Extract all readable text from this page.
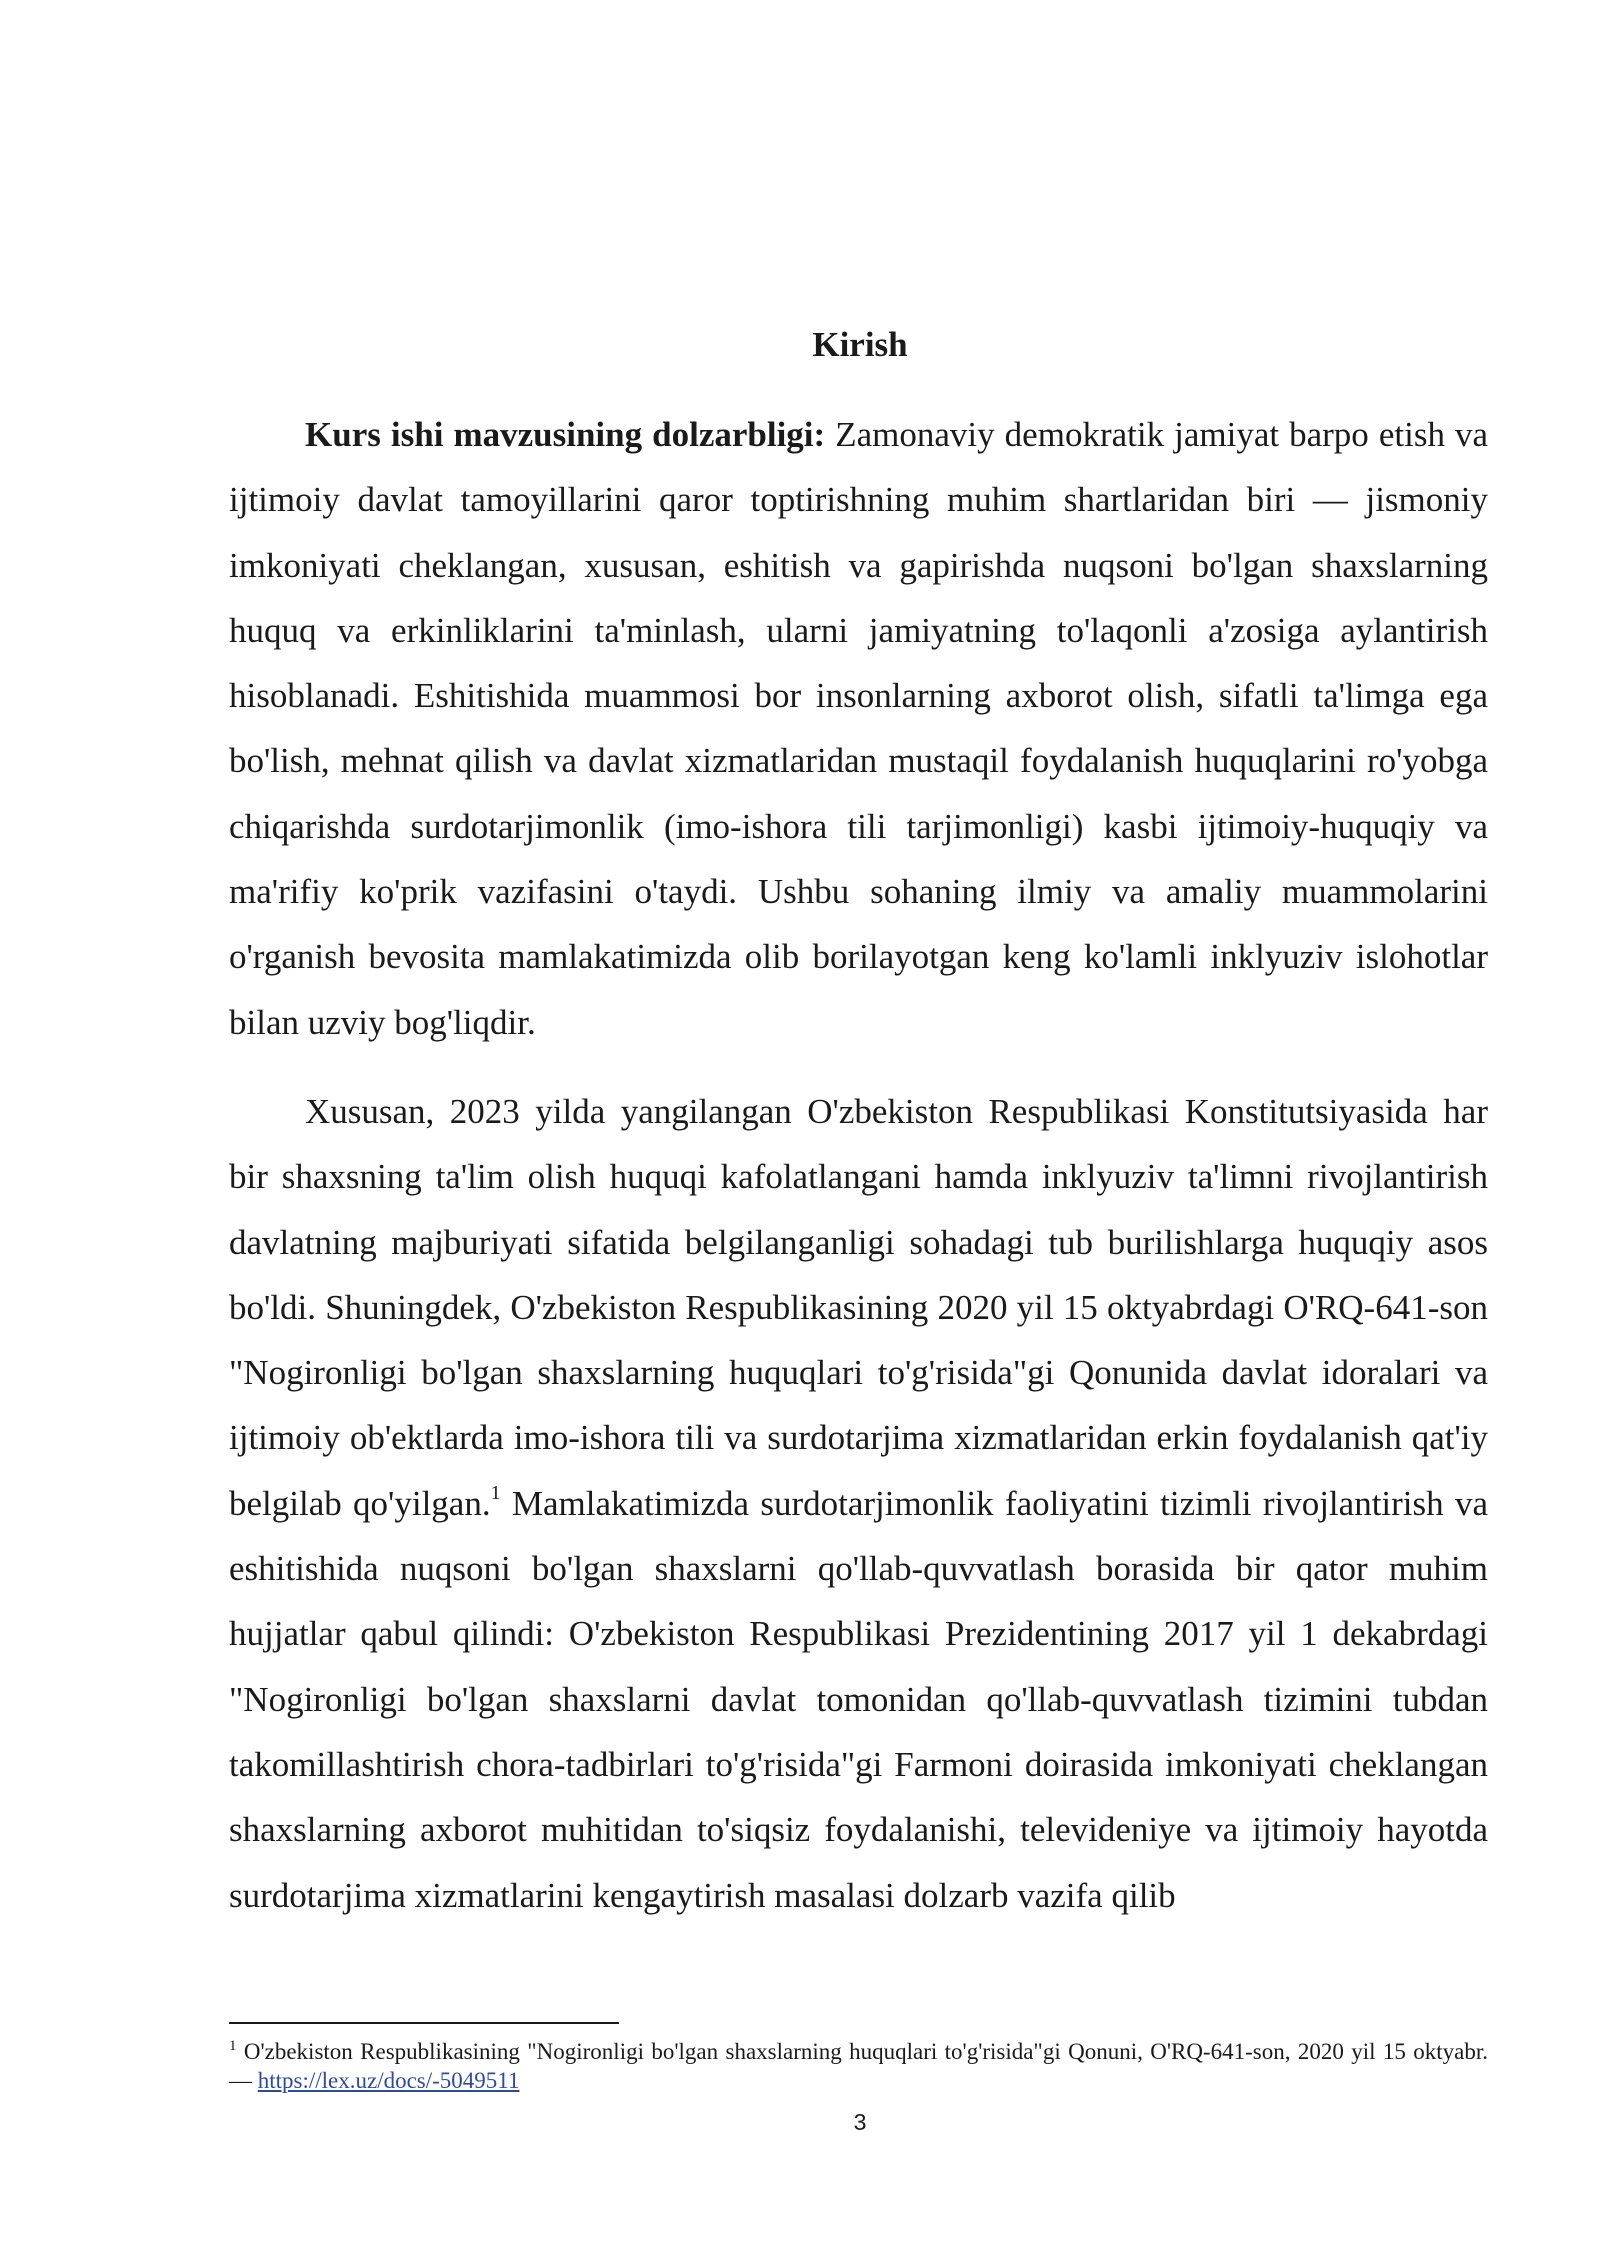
Kirish

Kurs ishi mavzusining dolzarbligi: Zamonaviy demokratik jamiyat barpo etish va ijtimoiy davlat tamoyillarini qaror toptirishning muhim shartlaridan biri — jismoniy imkoniyati cheklangan, xususan, eshitish va gapirishda nuqsoni bo'lgan shaxslarning huquq va erkinliklarini ta'minlash, ularni jamiyatning to'laqonli a'zosiga aylantirish hisoblanadi. Eshitishida muammosi bor insonlarning axborot olish, sifatli ta'limga ega bo'lish, mehnat qilish va davlat xizmatlaridan mustaqil foydalanish huquqlarini ro'yobga chiqarishda surdotarjimonlik (imo-ishora tili tarjimonligi) kasbi ijtimoiy-huquqiy va ma'rifiy ko'prik vazifasini o'taydi. Ushbu sohaning ilmiy va amaliy muammolarini o'rganish bevosita mamlakatimizda olib borilayotgan keng ko'lamli inklyuziv islohotlar bilan uzviy bog'liqdir.

Xususan, 2023 yilda yangilangan O'zbekiston Respublikasi Konstitutsiyasida har bir shaxsning ta'lim olish huquqi kafolatlangani hamda inklyuziv ta'limni rivojlantirish davlatning majburiyati sifatida belgilanganligi sohadagi tub burilishlarga huquqiy asos bo'ldi. Shuningdek, O'zbekiston Respublikasining 2020 yil 15 oktyabrdagi O'RQ-641-son "Nogironligi bo'lgan shaxslarning huquqlari to'g'risida"gi Qonunida davlat idoralari va ijtimoiy ob'ektlarda imo-ishora tili va surdotarjima xizmatlaridan erkin foydalanish qat'iy belgilab qo'yilgan.$^1$ Mamlakatimizda surdotarjimonlik faoliyatini tizimli rivojlantirish va eshitishida nuqsoni bo'lgan shaxslarni qo'llab-quvvatlash borasida bir qator muhim hujjatlar qabul qilindi: O'zbekiston Respublikasi Prezidentining 2017 yil 1 dekabrdagi "Nogironligi bo'lgan shaxslarni davlat tomonidan qo'llab-quvvatlash tizimini tubdan takomillashtirish chora-tadbirlari to'g'risida"gi Farmoni doirasida imkoniyati cheklangan shaxslarning axborot muhitidan to'siqsiz foydalanishi, televideniye va ijtimoiy hayotda surdotarjima xizmatlarini kengaytirish masalasi dolzarb vazifa qilib

$^1$ O'zbekiston Respublikasining "Nogironligi bo'lgan shaxslarning huquqlari to'g'risida"gi Qonuni, O'RQ-641-son, 2020 yil 15 oktyabr. — https://lex.uz/docs/-5049511

3
